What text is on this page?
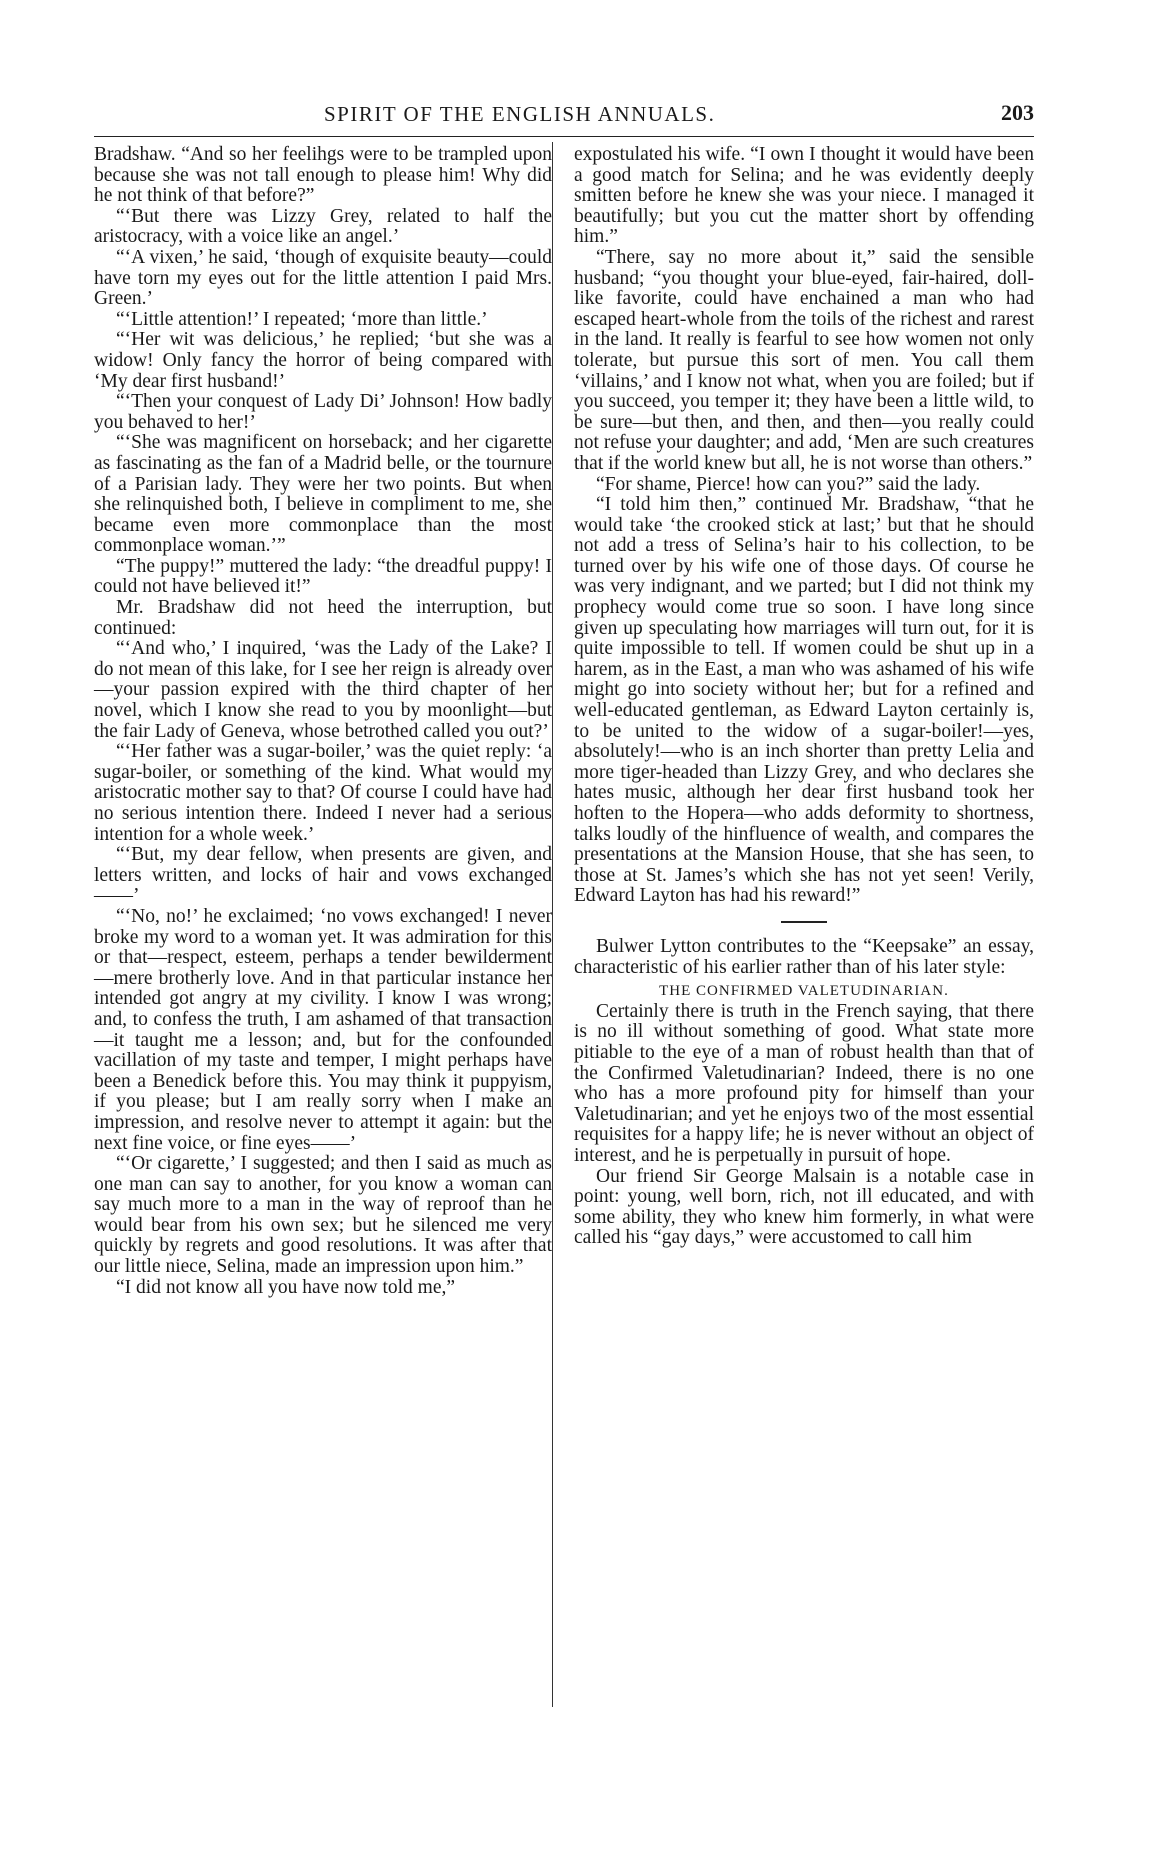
SPIRIT OF THE ENGLISH ANNUALS.	203

Bradshaw. “And so her feelihgs were to be trampled upon because she was not tall enough to please him! Why did he not think of that before?”

“‘But there was Lizzy Grey, related to half the aristocracy, with a voice like an angel.’

“‘A vixen,’ he said, ‘though of exquisite beauty—could have torn my eyes out for the little attention I paid Mrs. Green.’

“‘Little attention!’ I repeated; ‘more than little.’

“‘Her wit was delicious,’ he replied; ‘but she was a widow! Only fancy the horror of being compared with ‘My dear first husband!’

“‘Then your conquest of Lady Di’ Johnson! How badly you behaved to her!’

“‘She was magnificent on horseback; and her cigarette as fascinating as the fan of a Madrid belle, or the tournure of a Parisian lady. They were her two points. But when she relinquished both, I believe in compliment to me, she became even more commonplace than the most commonplace woman.’”

“The puppy!” muttered the lady: “the dreadful puppy! I could not have believed it!”

Mr. Bradshaw did not heed the interruption, but continued:

“‘And who,’ I inquired, ‘was the Lady of the Lake? I do not mean of this lake, for I see her reign is already over—your passion expired with the third chapter of her novel, which I know she read to you by moonlight—but the fair Lady of Geneva, whose betrothed called you out?’

“‘Her father was a sugar-boiler,’ was the quiet reply: ‘a sugar-boiler, or something of the kind. What would my aristocratic mother say to that? Of course I could have had no serious intention there. Indeed I never had a serious intention for a whole week.’

“‘But, my dear fellow, when presents are given, and letters written, and locks of hair and vows exchanged——’

“‘No, no!’ he exclaimed; ‘no vows exchanged! I never broke my word to a woman yet. It was admiration for this or that—respect, esteem, perhaps a tender bewilderment—mere brotherly love. And in that particular instance her intended got angry at my civility. I know I was wrong; and, to confess the truth, I am ashamed of that transaction—it taught me a lesson; and, but for the confounded vacillation of my taste and temper, I might perhaps have been a Benedick before this. You may think it puppyism, if you please; but I am really sorry when I make an impression, and resolve never to attempt it again: but the next fine voice, or fine eyes——’

“‘Or cigarette,’ I suggested; and then I said as much as one man can say to another, for you know a woman can say much more to a man in the way of reproof than he would bear from his own sex; but he silenced me very quickly by regrets and good resolutions. It was after that our little niece, Selina, made an impression upon him.”

“I did not know all you have now told me,”

expostulated his wife. “I own I thought it would have been a good match for Selina; and he was evidently deeply smitten before he knew she was your niece. I managed it beautifully; but you cut the matter short by offending him.”

“There, say no more about it,” said the sensible husband; “you thought your blue-eyed, fair-haired, doll-like favorite, could have enchained a man who had escaped heart-whole from the toils of the richest and rarest in the land. It really is fearful to see how women not only tolerate, but pursue this sort of men. You call them ‘villains,’ and I know not what, when you are foiled; but if you succeed, you temper it; they have been a little wild, to be sure—but then, and then, and then—you really could not refuse your daughter; and add, ‘Men are such creatures that if the world knew but all, he is not worse than others.”

“For shame, Pierce! how can you?” said the lady.

“I told him then,” continued Mr. Bradshaw, “that he would take ‘the crooked stick at last;’ but that he should not add a tress of Selina’s hair to his collection, to be turned over by his wife one of those days. Of course he was very indignant, and we parted; but I did not think my prophecy would come true so soon. I have long since given up speculating how marriages will turn out, for it is quite impossible to tell. If women could be shut up in a harem, as in the East, a man who was ashamed of his wife might go into society without her; but for a refined and well-educated gentleman, as Edward Layton certainly is, to be united to the widow of a sugar-boiler!—yes, absolutely!—who is an inch shorter than pretty Lelia and more tiger-headed than Lizzy Grey, and who declares she hates music, although her dear first husband took her hoften to the Hopera—who adds deformity to shortness, talks loudly of the hinfluence of wealth, and compares the presentations at the Mansion House, that she has seen, to those at St. James’s which she has not yet seen! Verily, Edward Layton has had his reward!”

Bulwer Lytton contributes to the “Keepsake” an essay, characteristic of his earlier rather than of his later style:

THE CONFIRMED VALETUDINARIAN.

Certainly there is truth in the French saying, that there is no ill without something of good. What state more pitiable to the eye of a man of robust health than that of the Confirmed Valetudinarian? Indeed, there is no one who has a more profound pity for himself than your Valetudinarian; and yet he enjoys two of the most essential requisites for a happy life; he is never without an object of interest, and he is perpetually in pursuit of hope.

Our friend Sir George Malsain is a notable case in point: young, well born, rich, not ill educated, and with some ability, they who knew him formerly, in what were called his “gay days,” were accustomed to call him
